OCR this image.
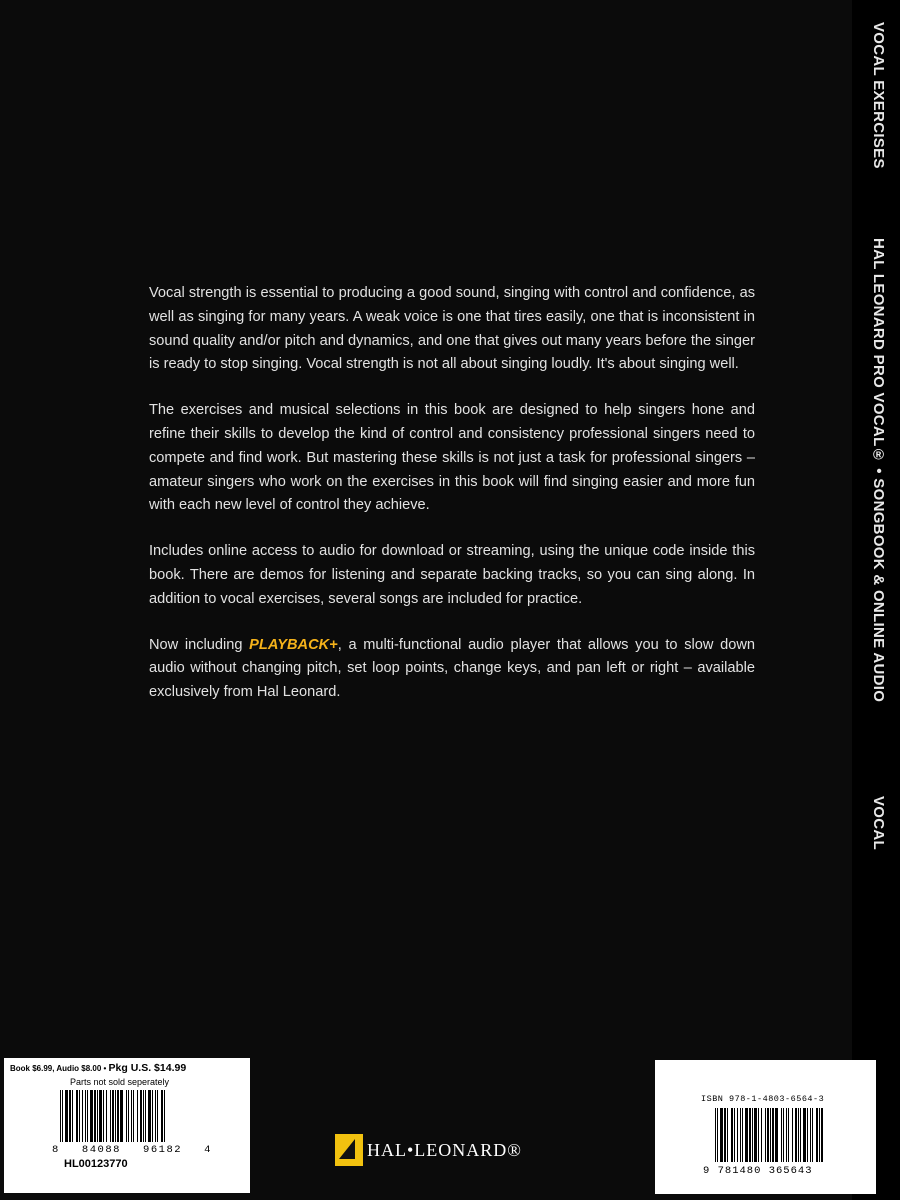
VOCAL EXERCISES
HAL LEONARD PRO VOCAL® • SONGBOOK & ONLINE AUDIO
VOCAL

Vocal strength is essential to producing a good sound, singing with control and confidence, as well as singing for many years. A weak voice is one that tires easily, one that is inconsistent in sound quality and/or pitch and dynamics, and one that gives out many years before the singer is ready to stop singing. Vocal strength is not all about singing loudly. It's about singing well.

The exercises and musical selections in this book are designed to help singers hone and refine their skills to develop the kind of control and consistency professional singers need to compete and find work. But mastering these skills is not just a task for professional singers – amateur singers who work on the exercises in this book will find singing easier and more fun with each new level of control they achieve.

Includes online access to audio for download or streaming, using the unique code inside this book. There are demos for listening and separate backing tracks, so you can sing along. In addition to vocal exercises, several songs are included for practice.

Now including PLAYBACK+, a multi-functional audio player that allows you to slow down audio without changing pitch, set loop points, change keys, and pan left or right – available exclusively from Hal Leonard.

Book $6.99, Audio $8.00 • Pkg U.S. $14.99
Parts not sold seperately
8 84088 96182 4
HL00123770
HAL•LEONARD®
ISBN 978-1-4803-6564-3
9 781480 365643
